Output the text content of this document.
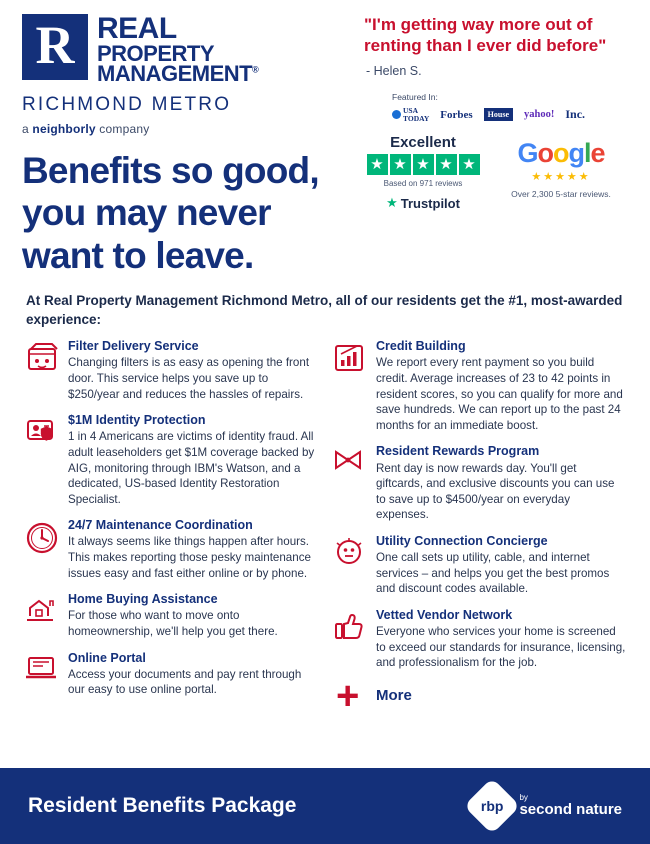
R REAL
PROPERTY
MANAGEMENT®
RICHMOND METRO
a neighborly company
Benefits so good, you may never want to leave.
"I'm getting way more out of renting than I ever did before"
- Helen S.
Featured In:
USA
TODAY Forbes	House	yahoo! Inc.
Excellent
★ ★ ★ ★ ★
Based on 971 reviews
★ Trustpilot
Google
★★★★★
Over 2,300 5-star reviews.
At Real Property Management Richmond Metro, all of our residents get the #1, most-awarded experience:
Filter Delivery Service
Changing filters is as easy as opening the front door. This service helps you save up to $250/year and reduces the hassles of repairs.
$1M Identity Protection
1 in 4 Americans are victims of identity fraud. All adult leaseholders get $1M coverage backed by AIG, monitoring through IBM's Watson, and a dedicated, US-based Identity Restoration Specialist.
24/7 Maintenance Coordination
It always seems like things happen after hours. This makes reporting those pesky maintenance issues easy and fast either online or by phone.
Home Buying Assistance
For those who want to move onto homeownership, we'll help you get there.
Online Portal
Access your documents and pay rent through our easy to use online portal.
Credit Building
We report every rent payment so you build credit. Average increases of 23 to 42 points in resident scores, so you can qualify for more and save hundreds. We can report up to the past 24 months for an immediate boost.
Resident Rewards Program
Rent day is now rewards day. You'll get giftcards, and exclusive discounts you can use to save up to $4500/year on everyday expenses.
Utility Connection Concierge
One call sets up utility, cable, and internet services – and helps you get the best promos and discount codes available.
Vetted Vendor Network
Everyone who services your home is screened to exceed our standards for insurance, licensing, and professionalism for the job.
+	More
Resident Benefits Package	rbp
by
second nature
